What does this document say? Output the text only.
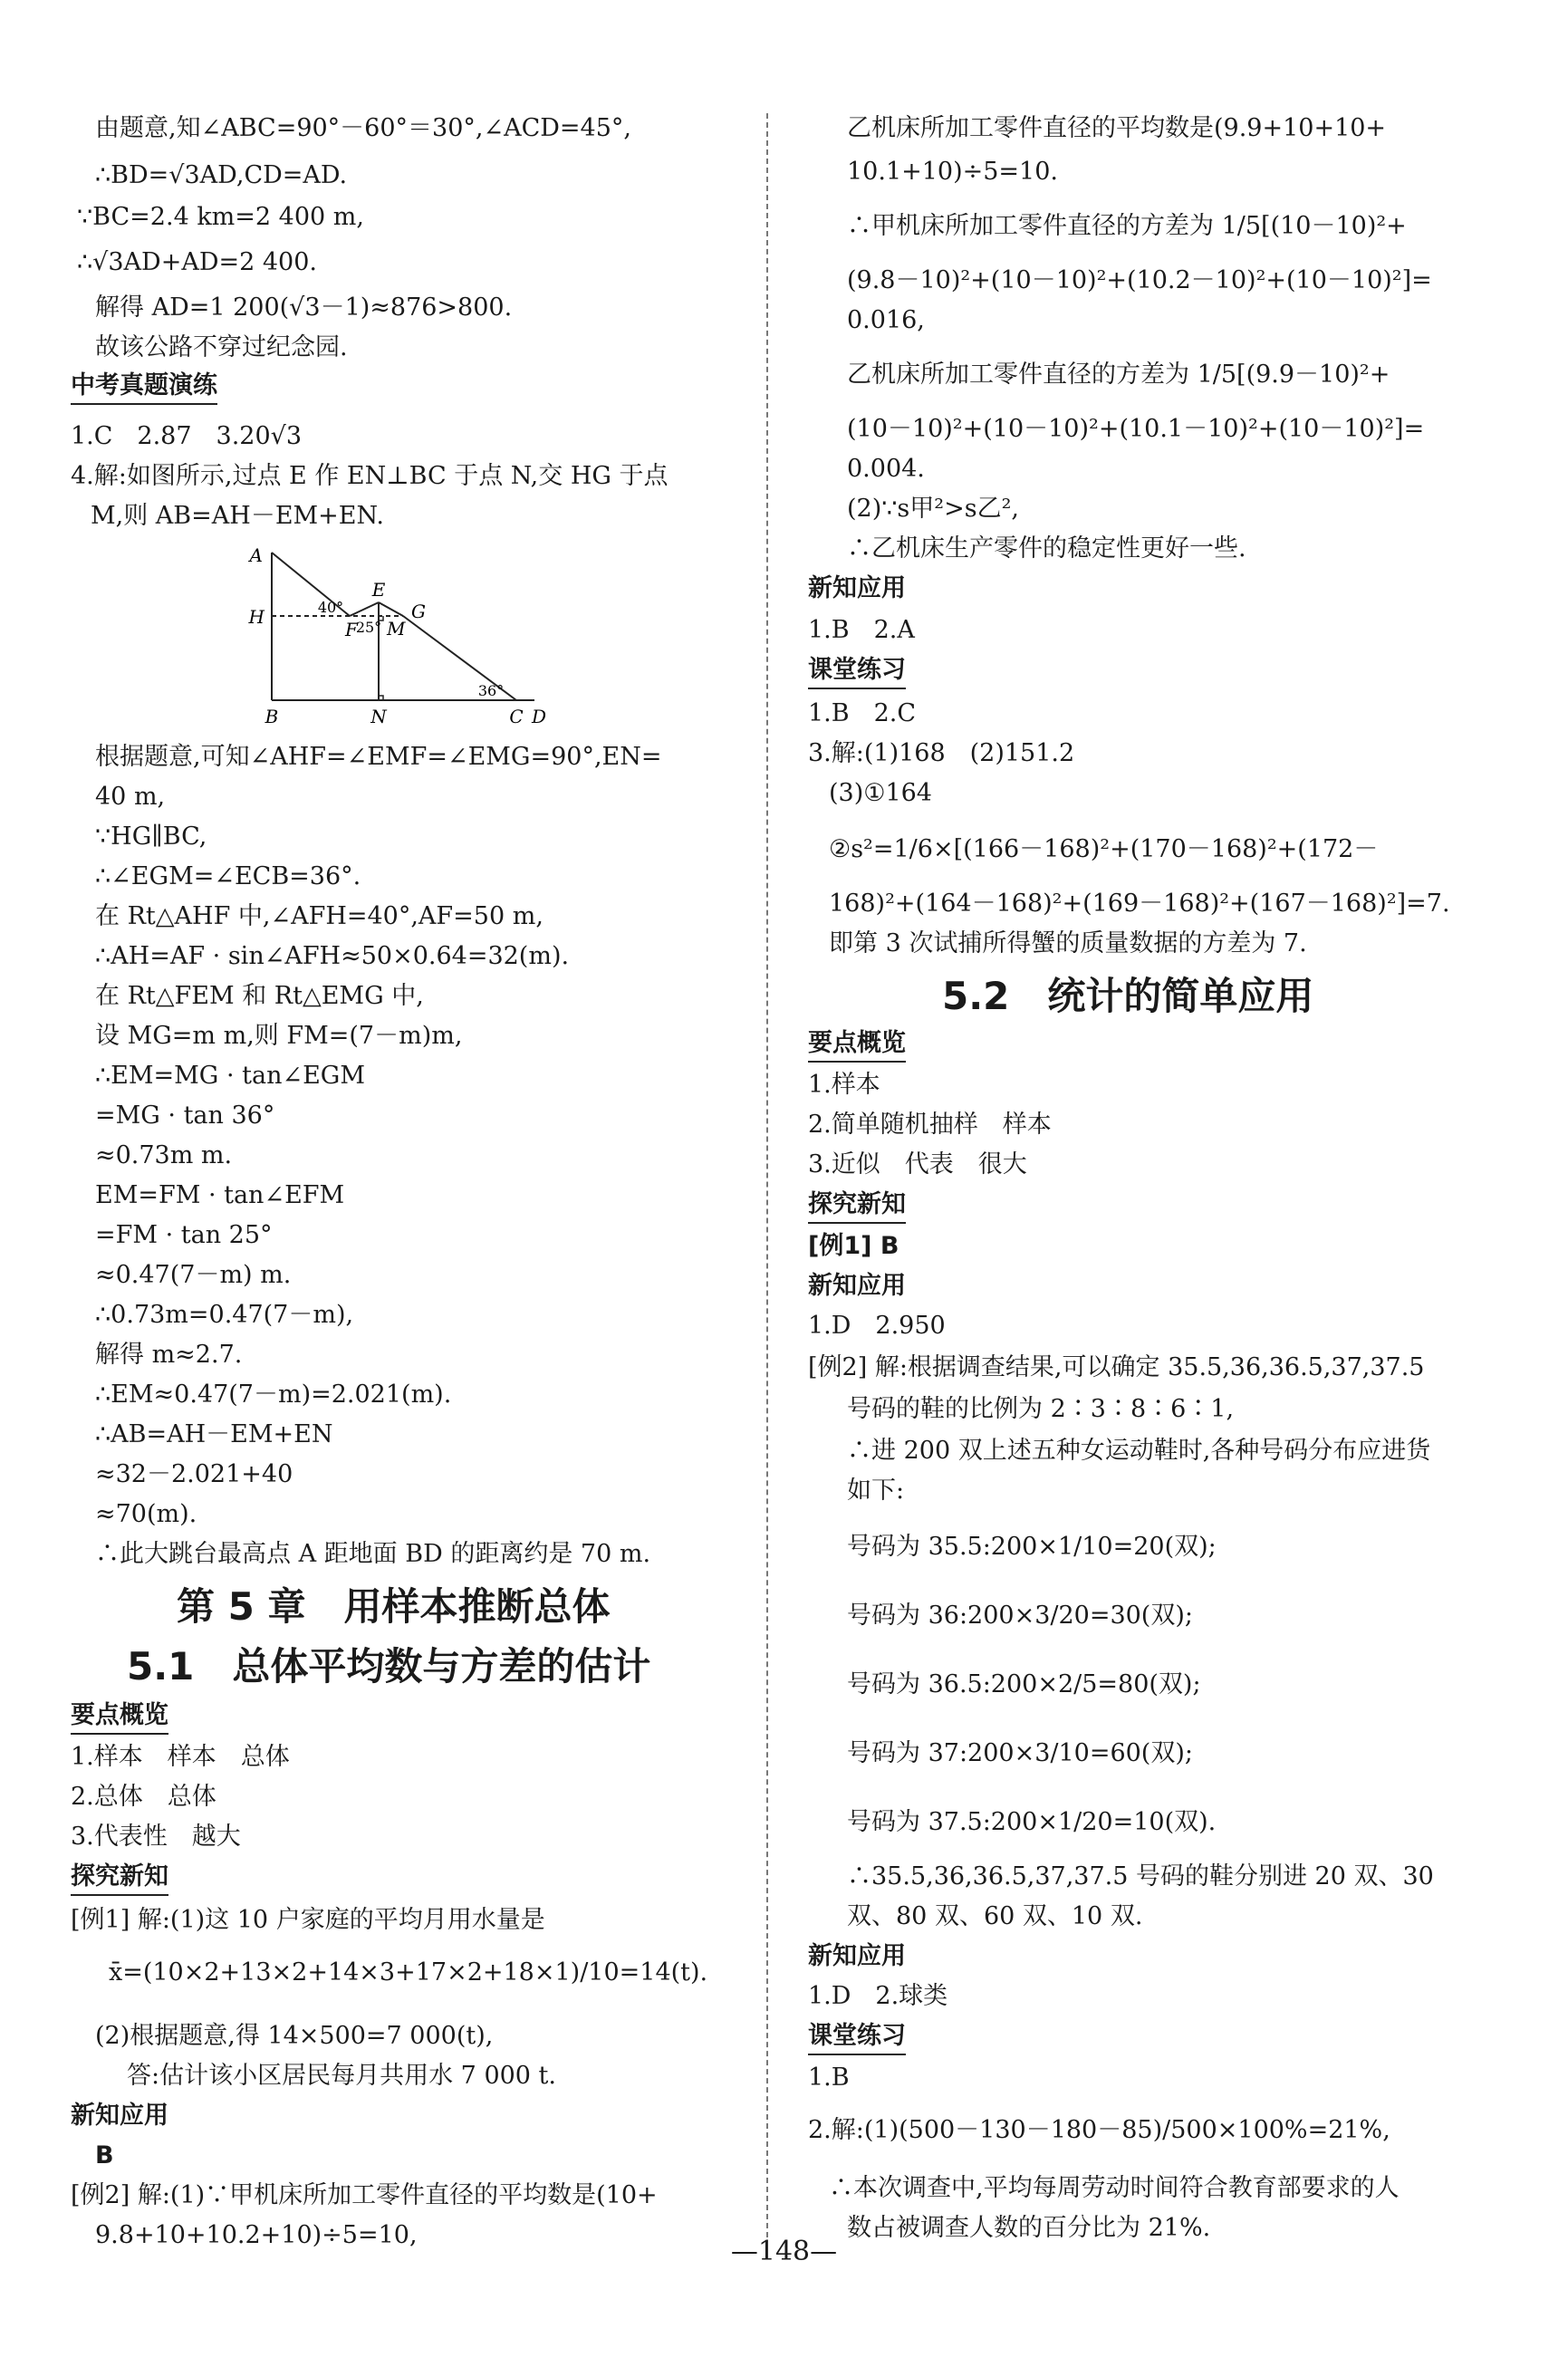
由题意,知∠ABC=90°－60°＝30°,∠ACD=45°,
∴BD=√3AD,CD=AD.
∵BC=2.4 km=2 400 m,
∴√3AD+AD=2 400.
解得 AD=1 200(√3－1)≈876>800.
故该公路不穿过纪念园.
中考真题演练
1.C　2.87　3.20√3
4.解:如图所示,过点 E 作 EN⊥BC 于点 N,交 HG 于点
M,则 AB=AH－EM+EN.
A
H
B
E
F
G
M
N	C D
40°
25°
36°
根据题意,可知∠AHF=∠EMF=∠EMG=90°,EN=
40 m,
∵HG∥BC,
∴∠EGM=∠ECB=36°.
在 Rt△AHF 中,∠AFH=40°,AF=50 m,
∴AH=AF · sin∠AFH≈50×0.64=32(m).
在 Rt△FEM 和 Rt△EMG 中,
设 MG=m m,则 FM=(7－m)m,
∴EM=MG · tan∠EGM
=MG · tan 36°
≈0.73m m.
EM=FM · tan∠EFM
=FM · tan 25°
≈0.47(7－m) m.
∴0.73m=0.47(7－m),
解得 m≈2.7.
∴EM≈0.47(7－m)=2.021(m).
∴AB=AH－EM+EN
≈32－2.021+40
≈70(m).
∴此大跳台最高点 A 距地面 BD 的距离约是 70 m.
第 5 章　用样本推断总体
5.1　总体平均数与方差的估计
要点概览
1.样本　样本　总体
2.总体　总体
3.代表性　越大
探究新知
[例1] 解:(1)这 10 户家庭的平均月用水量是
x̄=(10×2+13×2+14×3+17×2+18×1)/10=14(t).
(2)根据题意,得 14×500=7 000(t),
答:估计该小区居民每月共用水 7 000 t.
新知应用
B
[例2] 解:(1)∵甲机床所加工零件直径的平均数是(10+
9.8+10+10.2+10)÷5=10,
乙机床所加工零件直径的平均数是(9.9+10+10+
10.1+10)÷5=10.
∴甲机床所加工零件直径的方差为 1/5[(10－10)²+
(9.8－10)²+(10－10)²+(10.2－10)²+(10－10)²]=
0.016,
乙机床所加工零件直径的方差为 1/5[(9.9－10)²+
(10－10)²+(10－10)²+(10.1－10)²+(10－10)²]=
0.004.
(2)∵s甲²>s乙²,
∴乙机床生产零件的稳定性更好一些.
新知应用
1.B　2.A
课堂练习
1.B　2.C
3.解:(1)168　(2)151.2
(3)①164
②s²=1/6×[(166－168)²+(170－168)²+(172－
168)²+(164－168)²+(169－168)²+(167－168)²]=7.
即第 3 次试捕所得蟹的质量数据的方差为 7.
5.2　统计的简单应用
要点概览
1.样本
2.简单随机抽样　样本
3.近似　代表　很大
探究新知
[例1] B
新知应用
1.D　2.950
[例2] 解:根据调查结果,可以确定 35.5,36,36.5,37,37.5
号码的鞋的比例为 2∶3∶8∶6∶1,
∴进 200 双上述五种女运动鞋时,各种号码分布应进货
如下:
号码为 35.5:200×1/10=20(双);
号码为 36:200×3/20=30(双);
号码为 36.5:200×2/5=80(双);
号码为 37:200×3/10=60(双);
号码为 37.5:200×1/20=10(双).
∴35.5,36,36.5,37,37.5 号码的鞋分别进 20 双、30
双、80 双、60 双、10 双.
新知应用
1.D　2.球类
课堂练习
1.B
2.解:(1)(500－130－180－85)/500×100%=21%,
∴本次调查中,平均每周劳动时间符合教育部要求的人
数占被调查人数的百分比为 21%.
—148—
